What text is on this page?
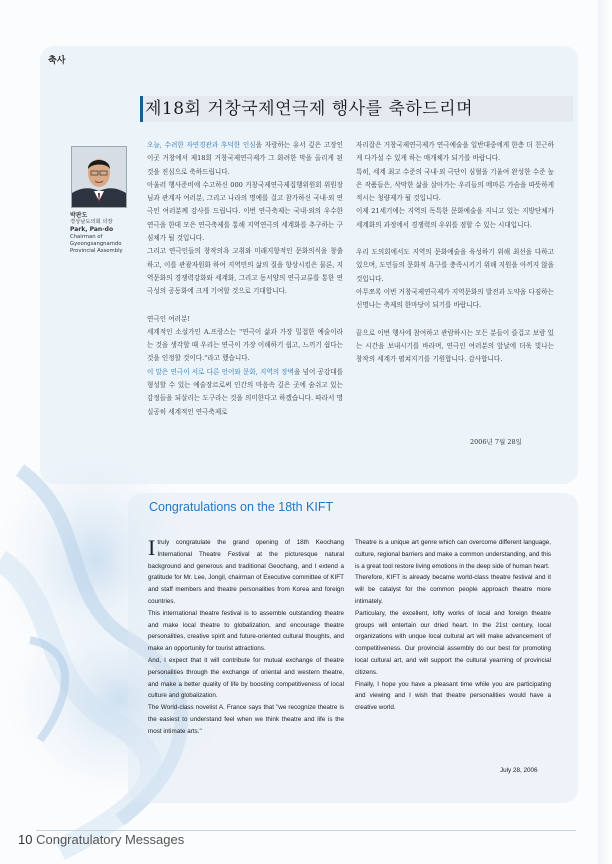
축사
제18회 거창국제연극제 행사를 축하드리며
박판도
경상남도의회 의장
Park, Pan-do
Chairman of
Gyeongsangnamdo
Provincial Assembly

오늘, 수려한 자연경관과 후덕한 인심을 자랑하는 유서 깊은 고장인 이곳 거창에서 제18회 거창국제연극제가 그 화려한 막을 올리게 된 것을 진심으로 축하드립니다.

아울러 행사준비에 수고하신 000 거창국제연극제집행위원회 위원장님과 관계자 여러분, 그리고 나라의 명예를 걸고 참가하신 국내·외 연극인 여러분께 감사를 드립니다. 이번 연극축제는 국내·외의 우수한 연극을 한데 모은 연극축제를 통해 지역연극의 세계화를 추구하는 구심체가 될 것입니다.

그리고 연극인들의 창작의욕 고취와 미래지향적인 문화의식을 창출하고, 이를 관광자원화 하여 지역민의 삶의 질을 향상시킴은 물론, 지역문화의 경쟁력강화와 세계화, 그리고 동서양의 연극교류를 통한 연극성의 공동화에 크게 기여할 것으로 기대합니다.

연극인 여러분!

세계적인 소설가인 A.프랑스는 "연극이 삶과 가장 밀접한 예술이라는 것을 생각할 때 우리는 연극이 가장 이해하기 쉽고, 느끼기 쉽다는 것을 인정할 것이다."라고 했습니다.

이 말은 연극이 서로 다른 언어와 문화, 지역의 장벽을 넘어 공감대를 형성할 수 있는 예술장르로써 인간의 마음속 깊은 곳에 숨쉬고 있는 감정들을 되살리는 도구라는 것을 의미한다고 하겠습니다. 따라서 명실공히 세계적인 연극축제로

자리잡은 거창국제연극제가 연극예술을 일반대중에게 한층 더 친근하게 다가설 수 있게 하는 매개체가 되기를 바랍니다.

특히, 세계 최고 수준의 국내·외 극단이 심혈을 기울여 완성한 수준 높은 작품들은, 삭막한 삶을 살아가는 우리들의 메마른 가슴을 따뜻하게 적시는 청량제가 될 것입니다.

이제 21세기에는 지역의 독특한 문화예술을 지니고 있는 지방단체가 세계화의 과정에서 경쟁력의 우위를 점할 수 있는 시대입니다.

우리 도의회에서도 지역의 문화예술을 육성하기 위해 최선을 다하고 있으며, 도민들의 문화적 욕구를 충족시키기 위해 지원을 아끼지 않을 것입니다.

아무쪼록 이번 거창국제연극제가 지역문화의 발전과 도약을 다짐하는 신명나는 축제의 한마당이 되기를 바랍니다.

끝으로 이번 행사에 참여하고 관람하시는 모든 분들이 즐겁고 보람 있는 시간을 보내시기를 바라며, 연극인 여러분의 앞날에 더욱 빛나는 창작의 세계가 펼쳐지기를 기원합니다. 감사합니다.

2006년 7월 28일
Congratulations on the 18th KIFT

Itruly congratulate the grand opening of 18th Keochang International Theatre Festival at the picturesque natural background and generous and traditional Geochang, and I extend a gratitude for Mr. Lee, Jongil, chairman of Executive committee of KIFT and staff members and theatre personalities from Korea and foreign countries.

This international theatre festival is to assemble outstanding theatre and make local theatre to globalization, and encourage theatre personalities, creative spirit and future-oriented cultural thoughts, and make an opportunity for tourist attractions.

And, I expect that it will contribute for mutual exchange of theatre personalities through the exchange of oriental and western theatre, and make a better quality of life by boosting competitiveness of local culture and globalization.

The World-class novelist A. France says that "we recognize theatre is the easiest to understand feel when we think theatre and life is the most intimate arts."

Theatre is a unique art genre which can overcome different language, culture, regional barriers and make a common understanding, and this is a great tool restore living emotions in the deep side of human heart.

Therefore, KIFT is already became world-class theatre festival and it will be catalyst for the common people approach theatre more intimately.

Particulary, the excellent, lofty works of local and foreign theatre groups will entertain our dried heart. In the 21st century, local organizations with unque local cultural art will make advancement of competitiveness. Our provincial assembly do our best for promoting local cultural art, and will support the cultural yearning of provincial citizens.

Finally, I hope you have a pleasant time while you are participating and viewing and I wish that theatre personalities would have a creative world.

July 28, 2006
10 Congratulatory Messages
